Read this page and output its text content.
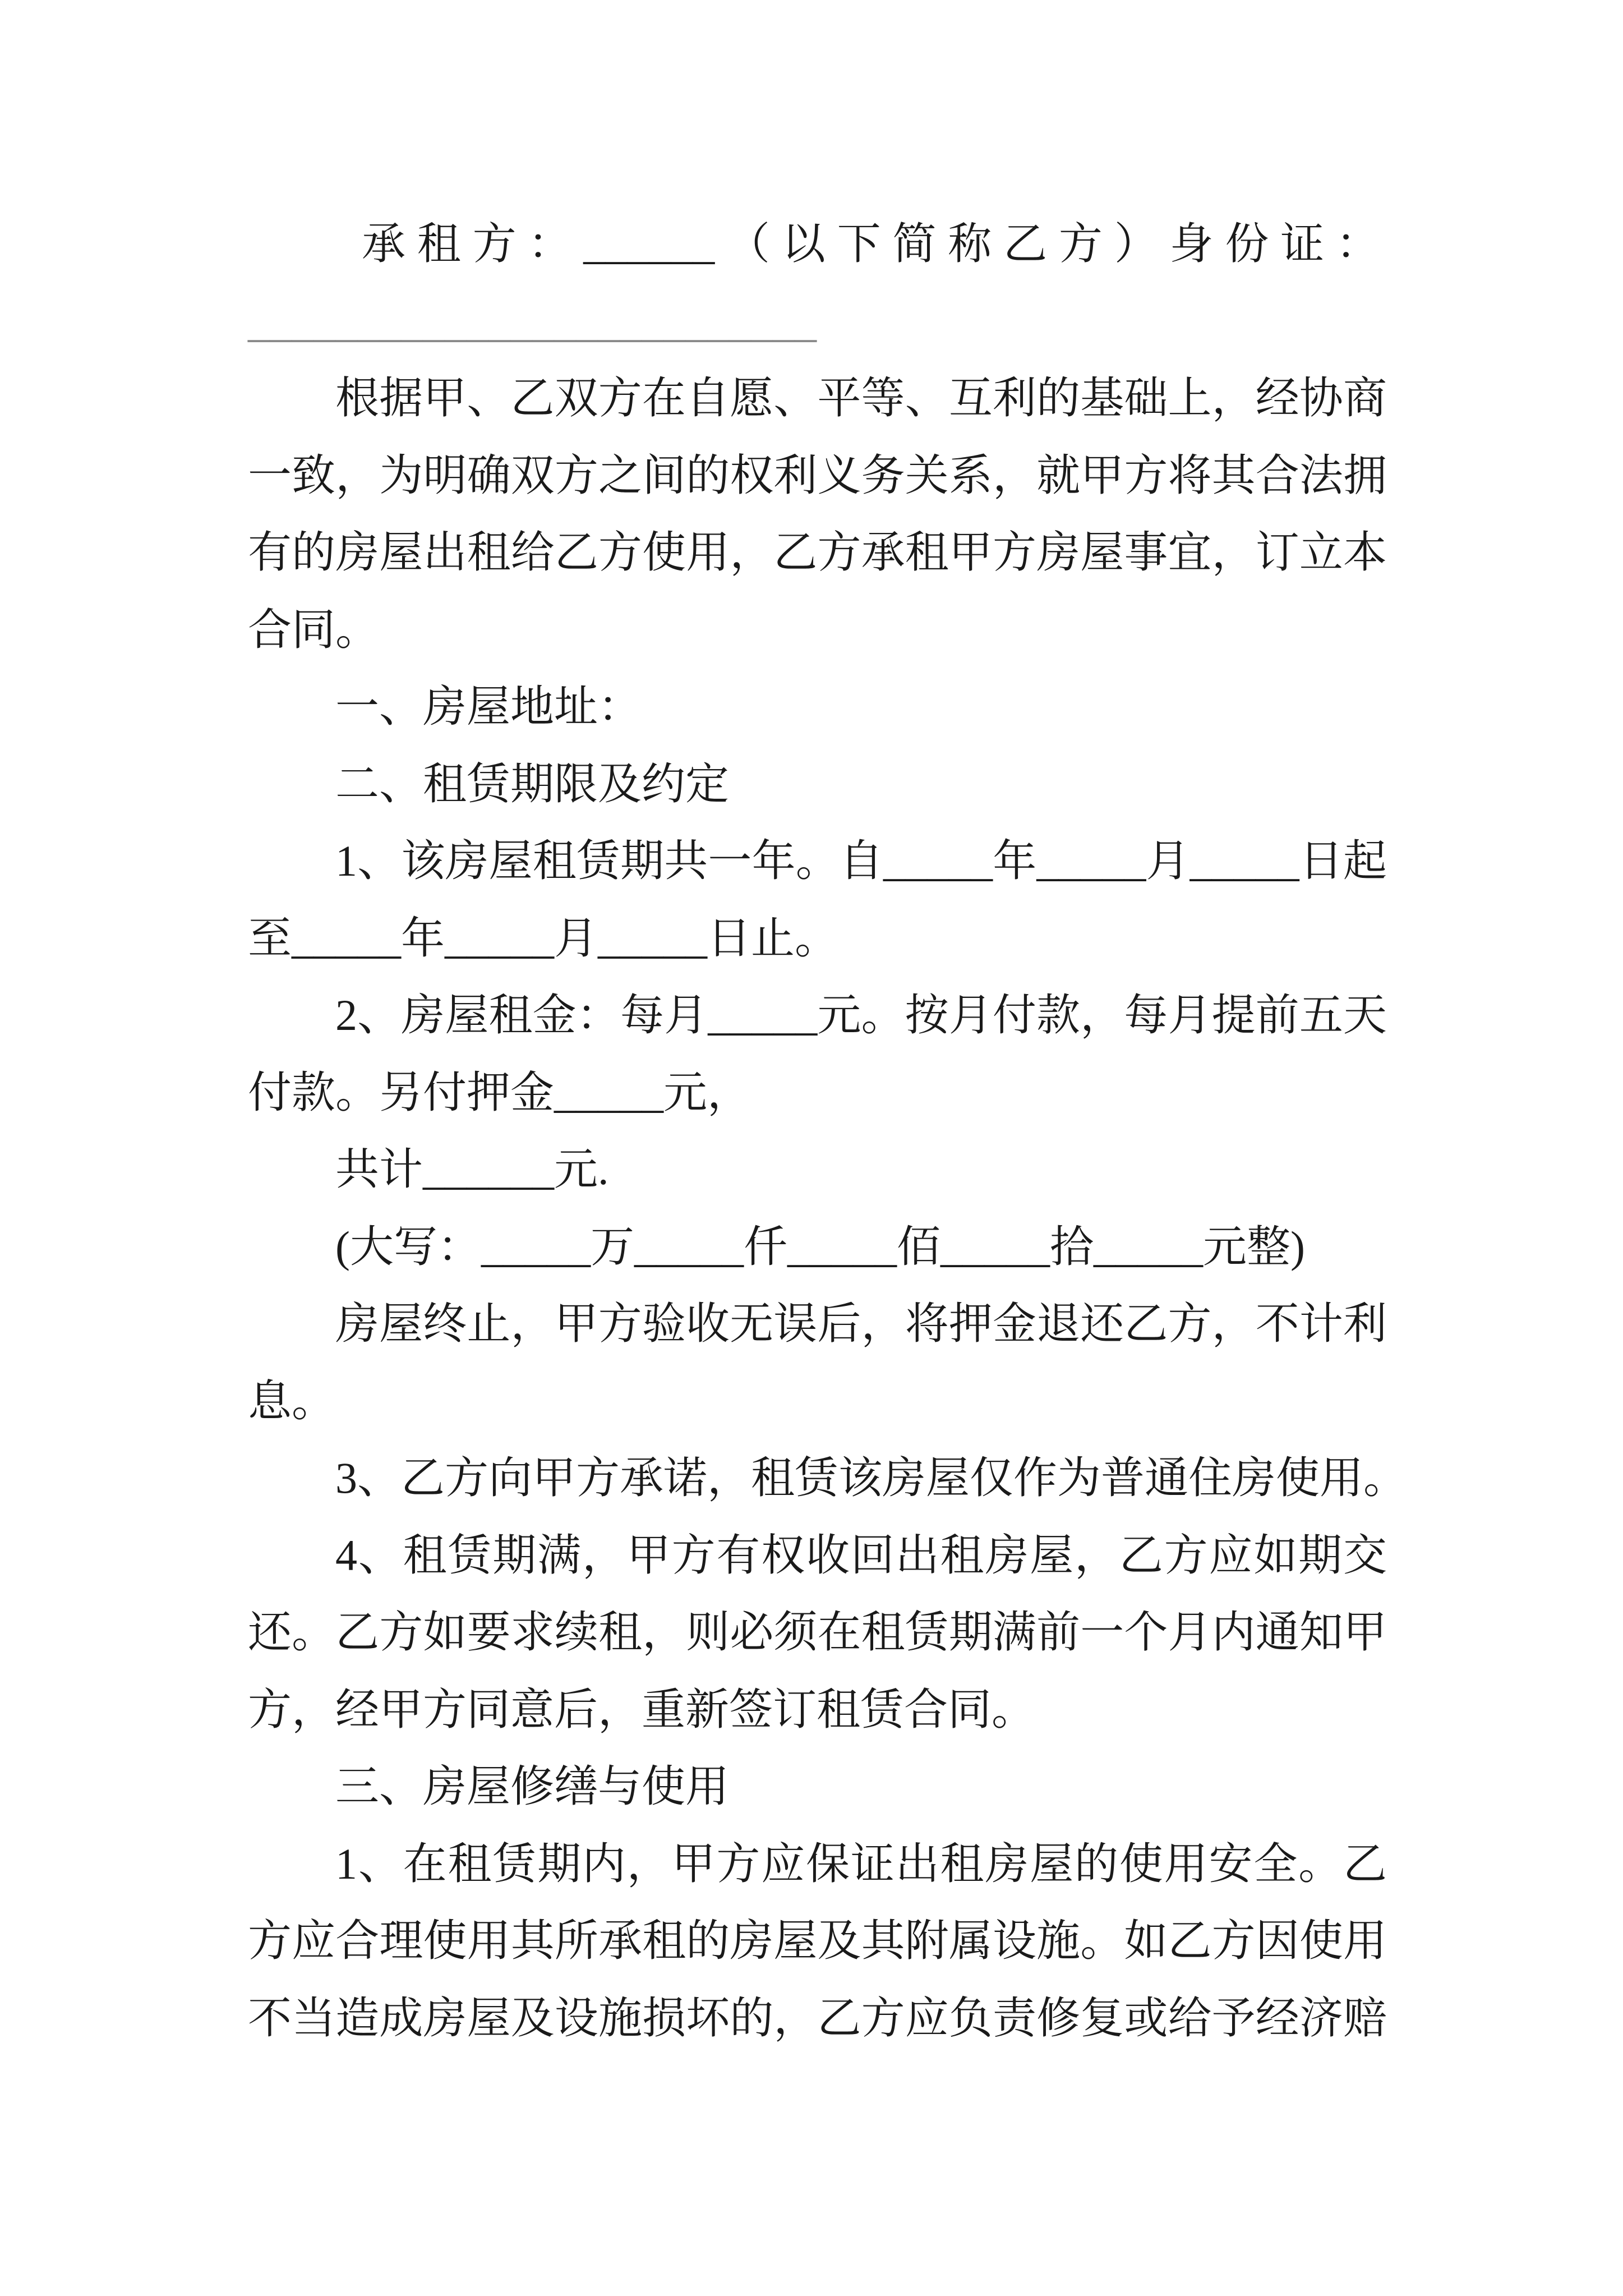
承租方：______（以下简称乙方）身份证：
__________________________
根据甲、乙双方在自愿、平等、互利的基础上，经协商
一致，为明确双方之间的权利义务关系，就甲方将其合法拥
有的房屋出租给乙方使用，乙方承租甲方房屋事宜，订立本
合同。
一、房屋地址：
二、租赁期限及约定
1、该房屋租赁期共一年。自_____年_____月_____日起
至_____年_____月_____日止。
2、房屋租金：每月_____元。按月付款，每月提前五天
付款。另付押金_____元，
共计______元.
(大写：_____万_____仟_____佰_____拾_____元整)
房屋终止，甲方验收无误后，将押金退还乙方，不计利
息。
3、乙方向甲方承诺，租赁该房屋仅作为普通住房使用。
4、租赁期满，甲方有权收回出租房屋，乙方应如期交
还。乙方如要求续租，则必须在租赁期满前一个月内通知甲
方，经甲方同意后，重新签订租赁合同。
三、房屋修缮与使用
1、在租赁期内，甲方应保证出租房屋的使用安全。乙
方应合理使用其所承租的房屋及其附属设施。如乙方因使用
不当造成房屋及设施损坏的，乙方应负责修复或给予经济赔
